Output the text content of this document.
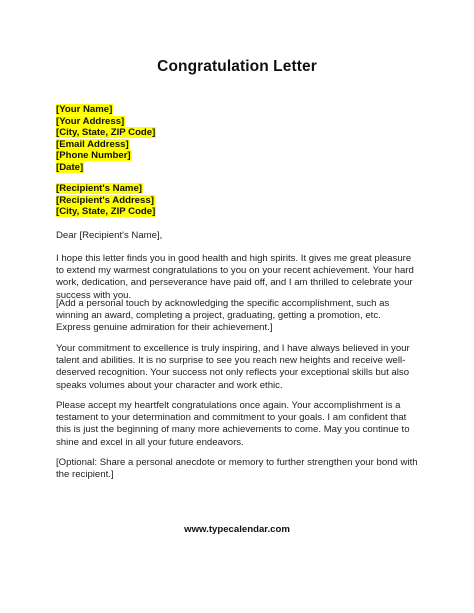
Congratulation Letter
[Your Name]
[Your Address]
[City, State, ZIP Code]
[Email Address]
[Phone Number]
[Date]
[Recipient's Name]
[Recipient's Address]
[City, State, ZIP Code]
Dear [Recipient's Name],
I hope this letter finds you in good health and high spirits. It gives me great pleasure to extend my warmest congratulations to you on your recent achievement. Your hard work, dedication, and perseverance have paid off, and I am thrilled to celebrate your success with you.
[Add a personal touch by acknowledging the specific accomplishment, such as winning an award, completing a project, graduating, getting a promotion, etc. Express genuine admiration for their achievement.]
Your commitment to excellence is truly inspiring, and I have always believed in your talent and abilities. It is no surprise to see you reach new heights and receive well-deserved recognition. Your success not only reflects your exceptional skills but also speaks volumes about your character and work ethic.
Please accept my heartfelt congratulations once again. Your accomplishment is a testament to your determination and commitment to your goals. I am confident that this is just the beginning of many more achievements to come. May you continue to shine and excel in all your future endeavors.
[Optional: Share a personal anecdote or memory to further strengthen your bond with the recipient.]
www.typecalendar.com
